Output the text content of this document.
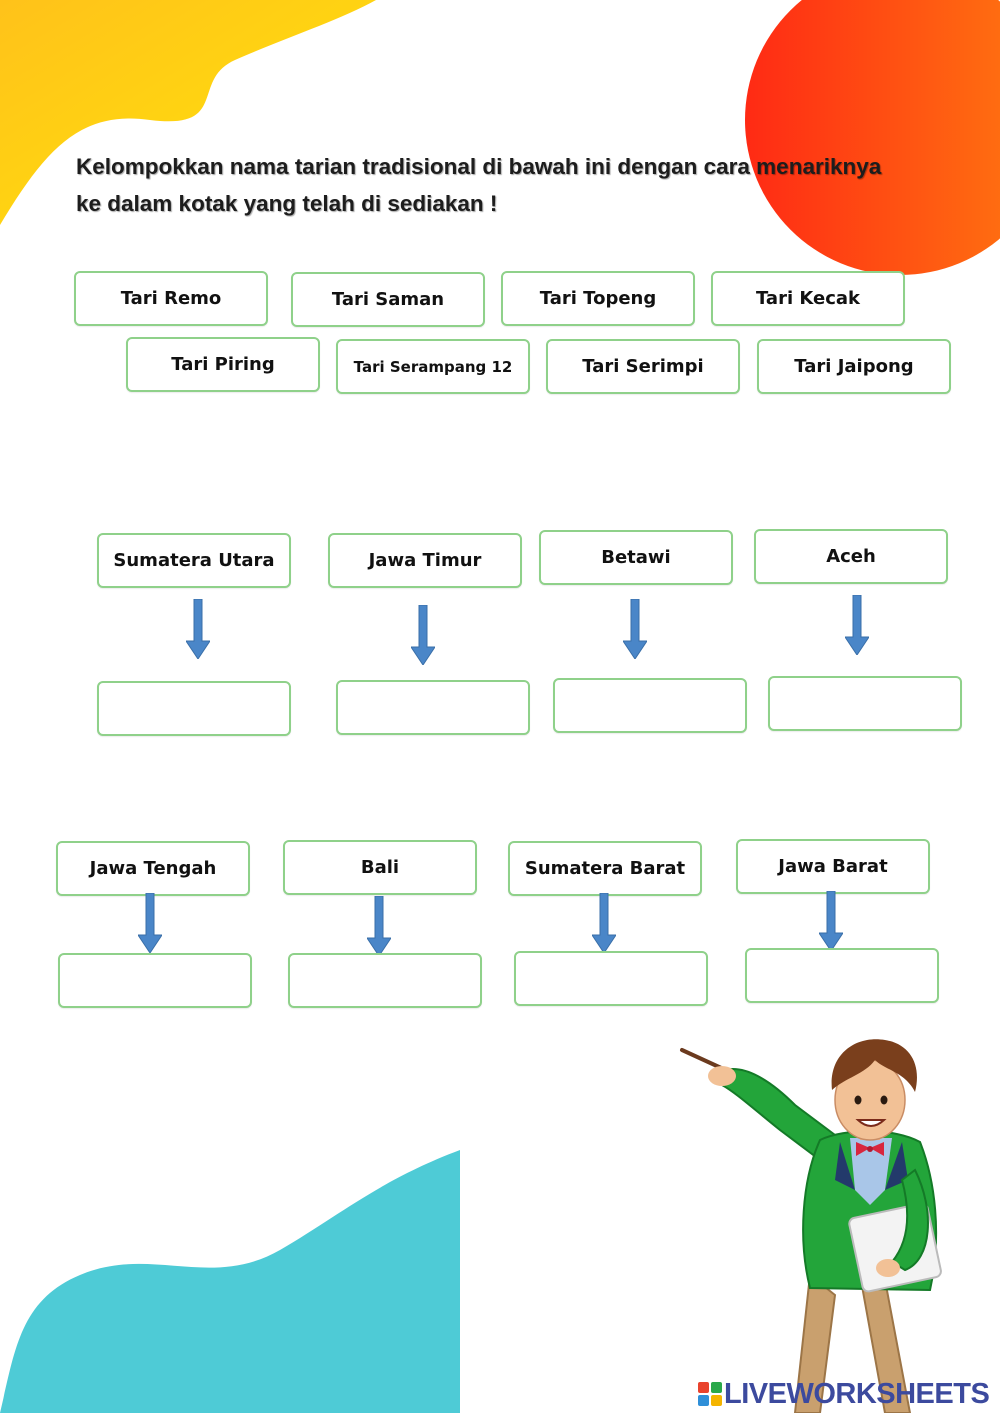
Kelompokkan nama tarian tradisional di bawah ini dengan cara menariknya
ke dalam kotak yang telah di sediakan !
Tari Remo	Tari Saman	Tari Topeng	Tari Kecak
Tari Piring	Tari Serampang 12	Tari Serimpi	Tari Jaipong
Sumatera Utara	Jawa Timur	Betawi	Aceh
Jawa Tengah	Bali	Sumatera Barat	Jawa Barat
LIVEWORKSHEETS
